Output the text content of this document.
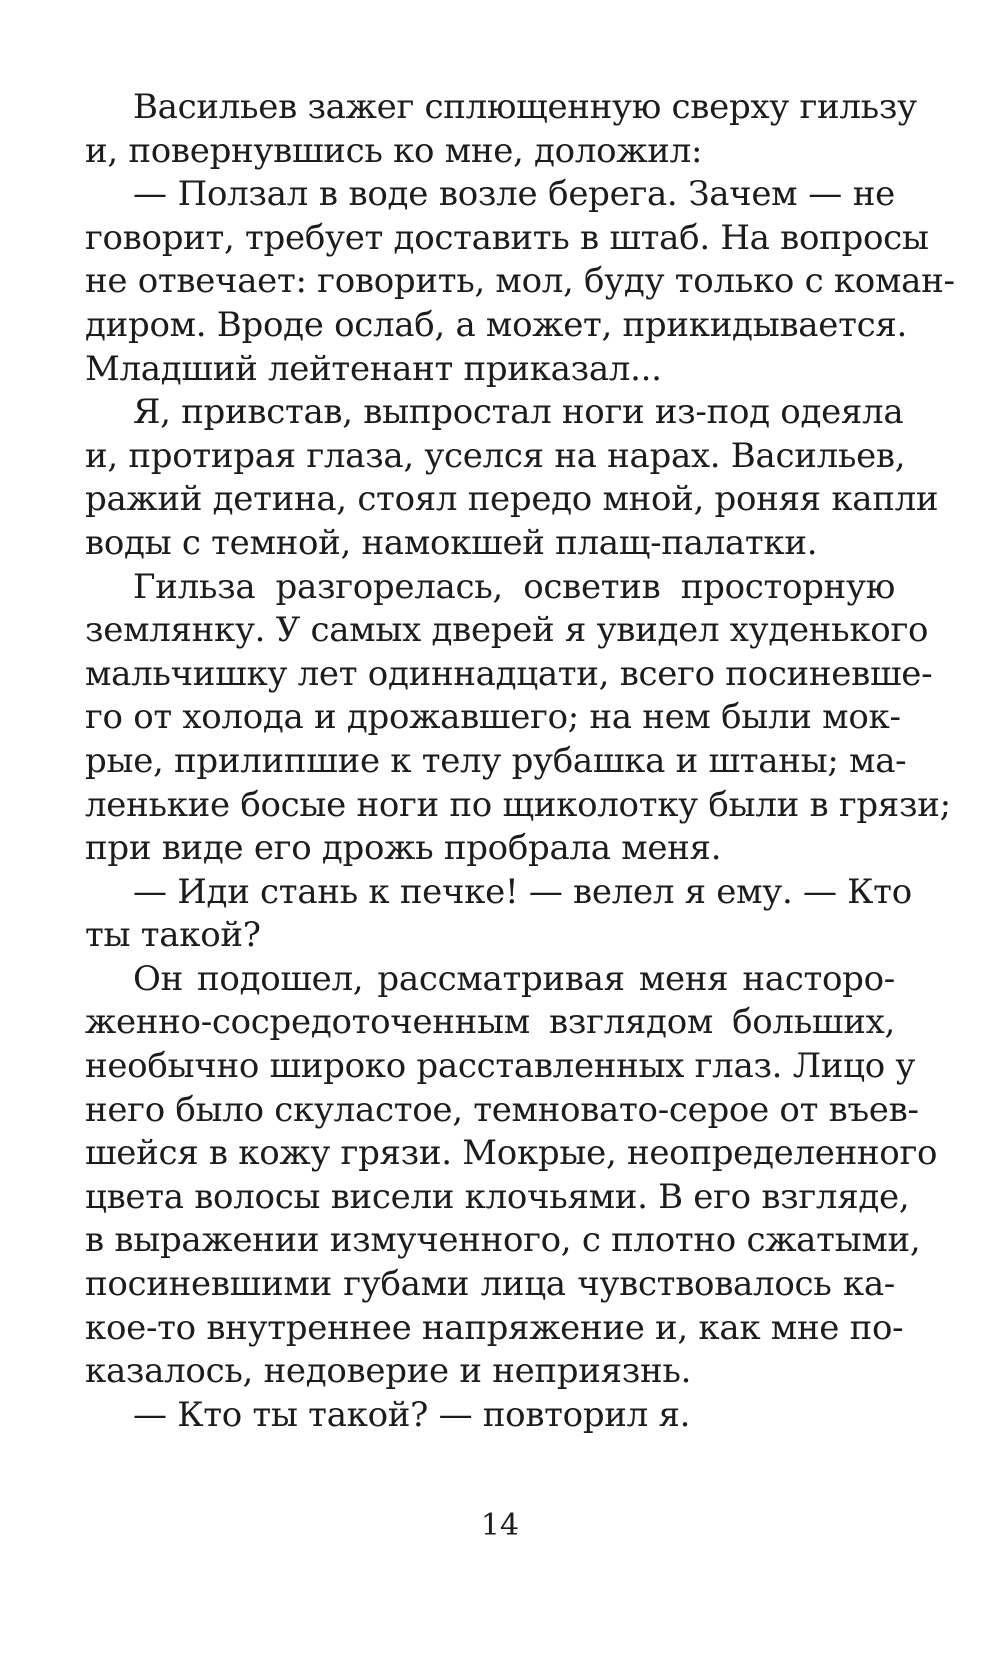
Васильев зажег сплющенную сверху гильзу
и, повернувшись ко мне, доложил:
— Ползал в воде возле берега. Зачем — не
говорит, требует доставить в штаб. На вопросы
не отвечает: говорить, мол, буду только с коман-
диром. Вроде ослаб, а может, прикидывается.
Младший лейтенант приказал...
Я, привстав, выпростал ноги из-под одеяла
и, протирая глаза, уселся на нарах. Васильев,
ражий детина, стоял передо мной, роняя капли
воды с темной, намокшей плащ-палатки.
Гильза разгорелась, осветив просторную
землянку. У самых дверей я увидел худенького
мальчишку лет одиннадцати, всего посиневше-
го от холода и дрожавшего; на нем были мок-
рые, прилипшие к телу рубашка и штаны; ма-
ленькие босые ноги по щиколотку были в грязи;
при виде его дрожь пробрала меня.
— Иди стань к печке! — велел я ему. — Кто
ты такой?
Он подошел, рассматривая меня насторо-
женно-сосредоточенным взглядом больших,
необычно широко расставленных глаз. Лицо у
него было скуластое, темновато-серое от въев-
шейся в кожу грязи. Мокрые, неопределенного
цвета волосы висели клочьями. В его взгляде,
в выражении измученного, с плотно сжатыми,
посиневшими губами лица чувствовалось ка-
кое-то внутреннее напряжение и, как мне по-
казалось, недоверие и неприязнь.
— Кто ты такой? — повторил я.
14
